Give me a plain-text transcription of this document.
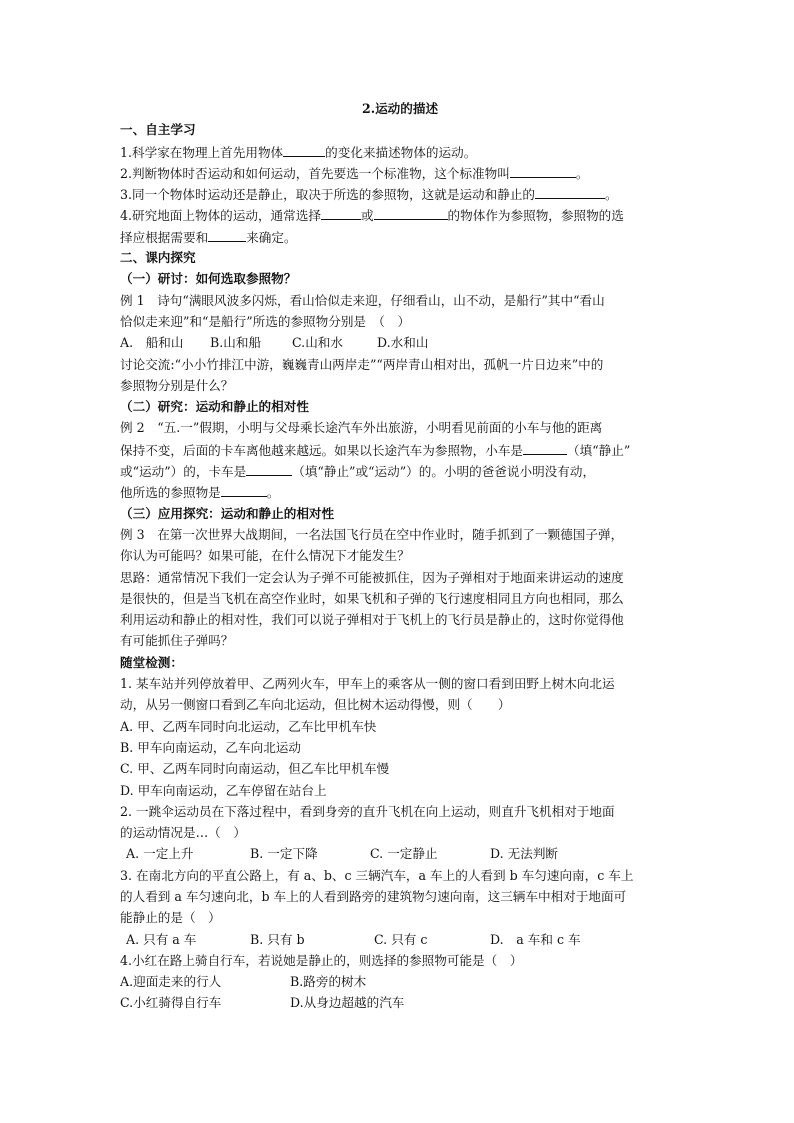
2.运动的描述
一、自主学习
1.科学家在物理上首先用物体	的变化来描述物体的运动。
2.判断物体时否运动和如何运动，首先要选一个标准物，这个标准物叫	。
3.同一个物体时运动还是静止，取决于所选的参照物，这就是运动和静止的	。
4.研究地面上物体的运动，通常选择	或	的物体作为参照物，参照物的选
择应根据需要和	来确定。
二、课内探究
（一）研讨：如何选取参照物？
例 1　诗句“满眼风波多闪烁，看山恰似走来迎，仔细看山，山不动，是船行”其中“看山
恰似走来迎”和“是船行”所选的参照物分别是　（　）
A.　船和山	B.山和船	C.山和水	D.水和山
讨论交流:“小小竹排江中游，巍巍青山两岸走”“两岸青山相对出，孤帆一片日边来”中的
参照物分别是什么？
（二）研究：运动和静止的相对性
例 2　“五.一”假期，小明与父母乘长途汽车外出旅游，小明看见前面的小车与他的距离
保持不变，后面的卡车离他越来越远。如果以长途汽车为参照物，小车是	（填“静止”
或“运动”）的，卡车是	（填“静止”或“运动”）的。小明的爸爸说小明没有动，
他所选的参照物是	。
（三）应用探究：运动和静止的相对性
例 3　在第一次世界大战期间，一名法国飞行员在空中作业时，随手抓到了一颗德国子弹，
你认为可能吗？如果可能，在什么情况下才能发生？
思路：通常情况下我们一定会认为子弹不可能被抓住，因为子弹相对于地面来讲运动的速度
是很快的，但是当飞机在高空作业时，如果飞机和子弹的飞行速度相同且方向也相同，那么
利用运动和静止的相对性，我们可以说子弹相对于飞机上的飞行员是静止的，这时你觉得他
有可能抓住子弹吗？
随堂检测：
1. 某车站并列停放着甲、乙两列火车，甲车上的乘客从一侧的窗口看到田野上树木向北运
动，从另一侧窗口看到乙车向北运动，但比树木运动得慢，则（　　）
A. 甲、乙两车同时向北运动，乙车比甲机车快
B. 甲车向南运动，乙车向北运动
C. 甲、乙两车同时向南运动，但乙车比甲机车慢
D. 甲车向南运动，乙车停留在站台上
2. 一跳伞运动员在下落过程中，看到身旁的直升飞机在向上运动，则直升飞机相对于地面
的运动情况是…（　）
A. 一定上升	B. 一定下降	C. 一定静止	D. 无法判断
3. 在南北方向的平直公路上，有 a、b、c 三辆汽车，a 车上的人看到 b 车匀速向南，c 车上
的人看到 a 车匀速向北，b 车上的人看到路旁的建筑物匀速向南，这三辆车中相对于地面可
能静止的是（　）
A. 只有 a 车	B. 只有 b	C. 只有 c	D.　a 车和 c 车
4.小红在路上骑自行车，若说她是静止的，则选择的参照物可能是（　）
A.迎面走来的行人	B.路旁的树木
C.小红骑得自行车	D.从身边超越的汽车
